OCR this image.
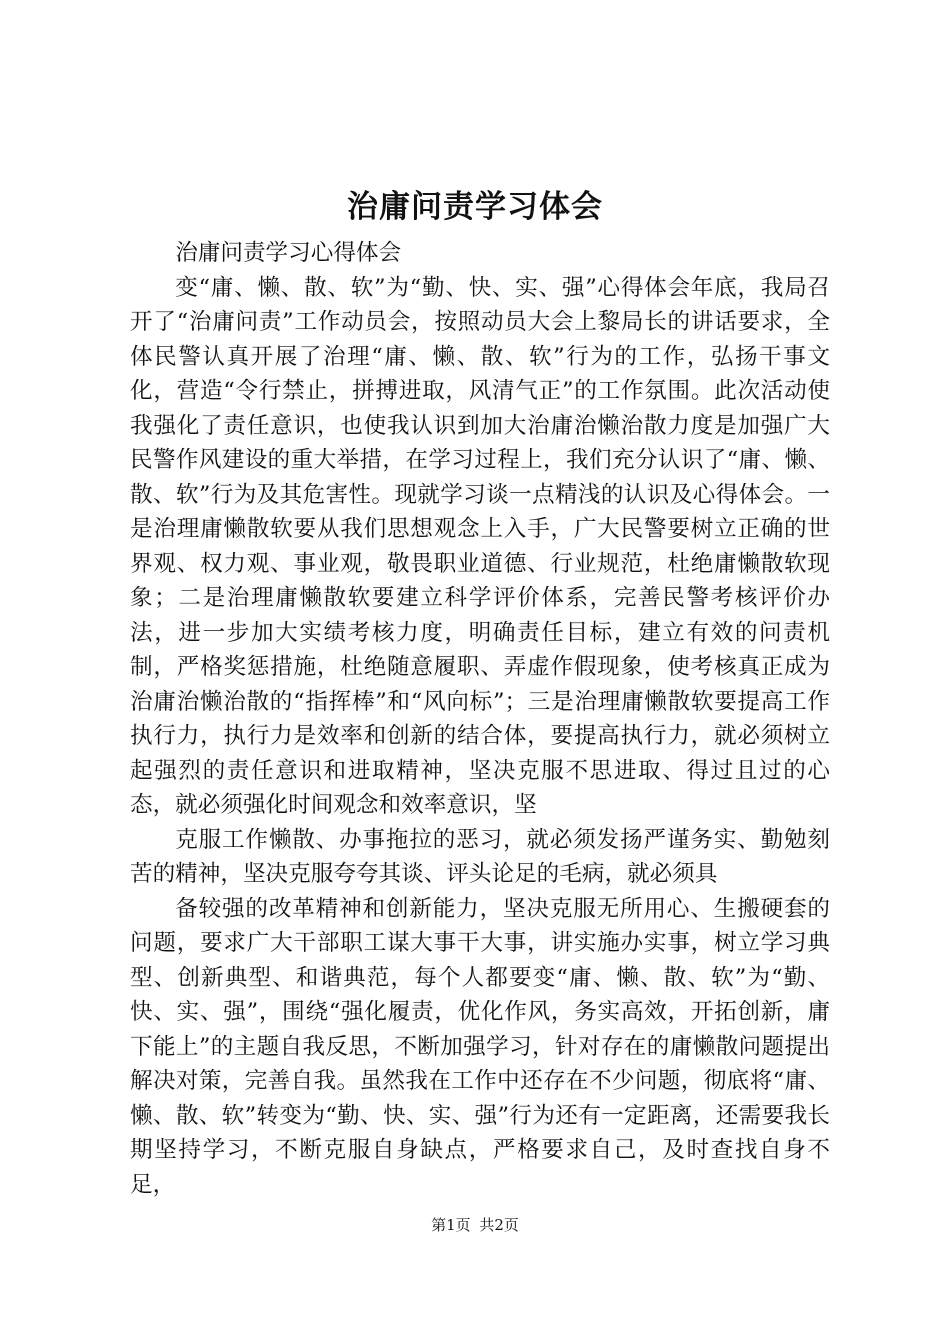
治庸问责学习体会

治庸问责学习心得体会

变“庸、懒、散、软”为“勤、快、实、强”心得体会年底，我局召开了“治庸问责”工作动员会，按照动员大会上黎局长的讲话要求，全体民警认真开展了治理“庸、懒、散、软”行为的工作，弘扬干事文化，营造“令行禁止，拼搏进取，风清气正”的工作氛围。此次活动使我强化了责任意识，也使我认识到加大治庸治懒治散力度是加强广大民警作风建设的重大举措，在学习过程上，我们充分认识了“庸、懒、散、软”行为及其危害性。现就学习谈一点精浅的认识及心得体会。一是治理庸懒散软要从我们思想观念上入手，广大民警要树立正确的世界观、权力观、事业观，敬畏职业道德、行业规范，杜绝庸懒散软现象；二是治理庸懒散软要建立科学评价体系，完善民警考核评价办法，进一步加大实绩考核力度，明确责任目标，建立有效的问责机制，严格奖惩措施，杜绝随意履职、弄虚作假现象，使考核真正成为治庸治懒治散的“指挥棒”和“风向标”；三是治理庸懒散软要提高工作执行力，执行力是效率和创新的结合体，要提高执行力，就必须树立起强烈的责任意识和进取精神，坚决克服不思进取、得过且过的心态，就必须强化时间观念和效率意识，坚

克服工作懒散、办事拖拉的恶习，就必须发扬严谨务实、勤勉刻苦的精神，坚决克服夸夸其谈、评头论足的毛病，就必须具

备较强的改革精神和创新能力，坚决克服无所用心、生搬硬套的问题，要求广大干部职工谋大事干大事，讲实施办实事，树立学习典型、创新典型、和谐典范，每个人都要变“庸、懒、散、软”为“勤、快、实、强”，围绕“强化履责，优化作风，务实高效，开拓创新，庸下能上”的主题自我反思，不断加强学习，针对存在的庸懒散问题提出解决对策，完善自我。虽然我在工作中还存在不少问题，彻底将“庸、懒、散、软”转变为“勤、快、实、强”行为还有一定距离，还需要我长期坚持学习，不断克服自身缺点，严格要求自己，及时查找自身不足，

第1页 共2页
